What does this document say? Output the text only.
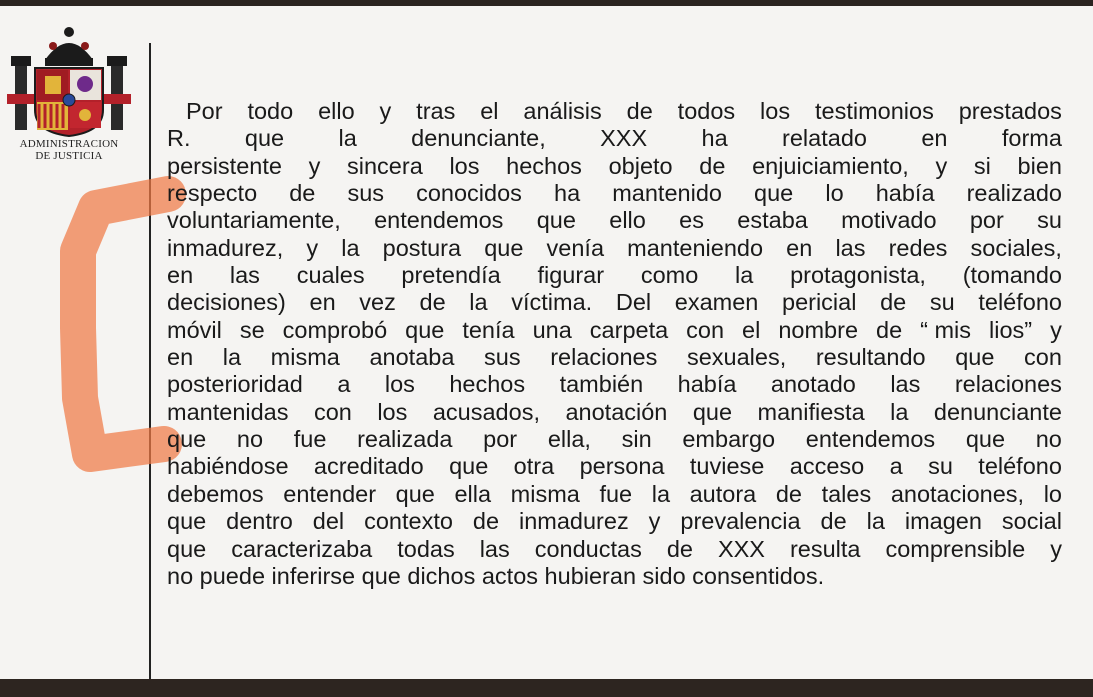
ADMINISTRACION
DE JUSTICIA
Por todo ello y tras el análisis de todos los testimonios prestados
R. que la denunciante, XXX ha relatado en forma
persistente y sincera los hechos objeto de enjuiciamiento, y si bien
respecto de sus conocidos ha mantenido que lo había realizado
voluntariamente, entendemos que ello es estaba motivado por su
inmadurez, y la postura que venía manteniendo en las redes sociales,
en las cuales pretendía figurar como la protagonista, (tomando
decisiones) en vez de la víctima. Del examen pericial de su teléfono
móvil se comprobó que tenía una carpeta con el nombre de “ mis lios” y
en la misma anotaba sus relaciones sexuales, resultando que con
posterioridad a los hechos también había anotado las relaciones
mantenidas con los acusados, anotación que manifiesta la denunciante
que no fue realizada por ella, sin embargo entendemos que no
habiéndose acreditado que otra persona tuviese acceso a su teléfono
debemos entender que ella misma fue la autora de tales anotaciones, lo
que dentro del contexto de inmadurez y prevalencia de la imagen social
que caracterizaba todas las conductas de XXX resulta comprensible y
no puede inferirse que dichos actos hubieran sido consentidos.
